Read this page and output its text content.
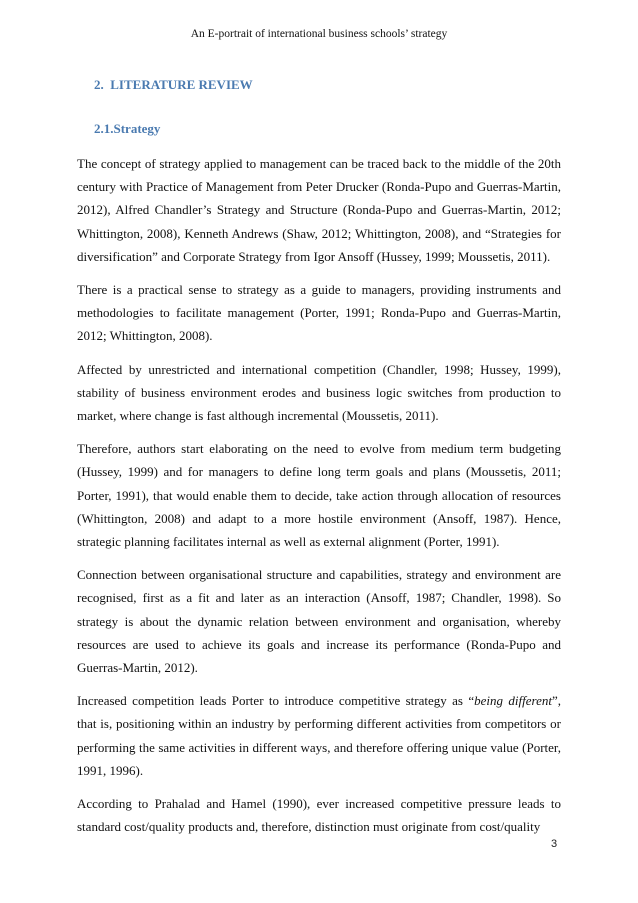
An E-portrait of international business schools’ strategy
2. LITERATURE REVIEW
2.1.Strategy

The concept of strategy applied to management can be traced back to the middle of the 20th century with Practice of Management from Peter Drucker (Ronda-Pupo and Guerras-Martin, 2012), Alfred Chandler’s Strategy and Structure (Ronda-Pupo and Guerras-Martin, 2012; Whittington, 2008), Kenneth Andrews (Shaw, 2012; Whittington, 2008), and “Strategies for diversification” and Corporate Strategy from Igor Ansoff (Hussey, 1999; Moussetis, 2011).

There is a practical sense to strategy as a guide to managers, providing instruments and methodologies to facilitate management (Porter, 1991; Ronda-Pupo and Guerras-Martin, 2012; Whittington, 2008).

Affected by unrestricted and international competition (Chandler, 1998; Hussey, 1999), stability of business environment erodes and business logic switches from production to market, where change is fast although incremental (Moussetis, 2011).

Therefore, authors start elaborating on the need to evolve from medium term budgeting (Hussey, 1999) and for managers to define long term goals and plans (Moussetis, 2011; Porter, 1991), that would enable them to decide, take action through allocation of resources (Whittington, 2008) and adapt to a more hostile environment (Ansoff, 1987). Hence, strategic planning facilitates internal as well as external alignment (Porter, 1991).

Connection between organisational structure and capabilities, strategy and environment are recognised, first as a fit and later as an interaction (Ansoff, 1987; Chandler, 1998). So strategy is about the dynamic relation between environment and organisation, whereby resources are used to achieve its goals and increase its performance (Ronda-Pupo and Guerras-Martin, 2012).

Increased competition leads Porter to introduce competitive strategy as “being different”, that is, positioning within an industry by performing different activities from competitors or performing the same activities in different ways, and therefore offering unique value (Porter, 1991, 1996).

According to Prahalad and Hamel (1990), ever increased competitive pressure leads to standard cost/quality products and, therefore, distinction must originate from cost/quality

3
